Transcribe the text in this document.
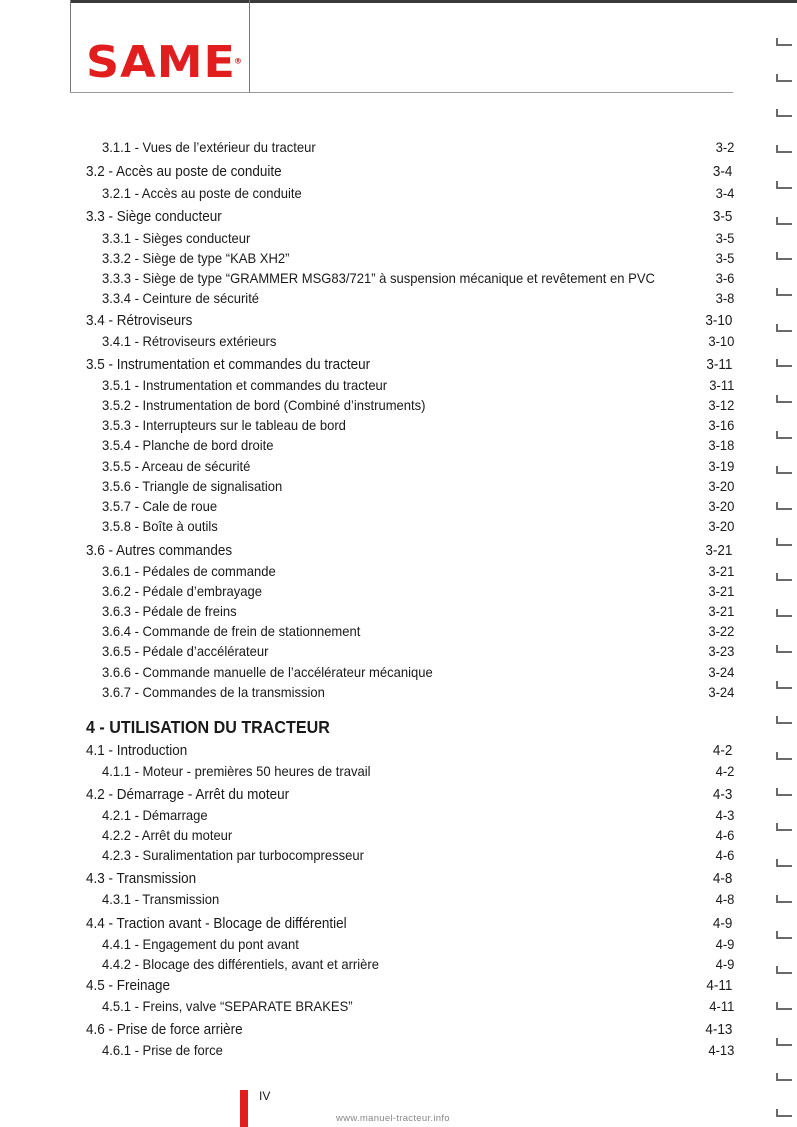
SAME®
3.1.1 - Vues de l’extérieur du tracteur	3-2
3.2 - Accès au poste de conduite	3-4
3.2.1 - Accès au poste de conduite	3-4
3.3 - Siège conducteur	3-5
3.3.1 - Sièges conducteur	3-5
3.3.2 - Siège de type “KAB XH2”	3-5
3.3.3 - Siège de type “GRAMMER MSG83/721” à suspension mécanique et revêtement en PVC	3-6
3.3.4 - Ceinture de sécurité	3-8
3.4 - Rétroviseurs	3-10
3.4.1 - Rétroviseurs extérieurs	3-10
3.5 - Instrumentation et commandes du tracteur	3-11
3.5.1 - Instrumentation et commandes du tracteur	3-11
3.5.2 - Instrumentation de bord (Combiné d’instruments)	3-12
3.5.3 - Interrupteurs sur le tableau de bord	3-16
3.5.4 - Planche de bord droite	3-18
3.5.5 - Arceau de sécurité	3-19
3.5.6 - Triangle de signalisation	3-20
3.5.7 - Cale de roue	3-20
3.5.8 - Boîte à outils	3-20
3.6 - Autres commandes	3-21
3.6.1 - Pédales de commande	3-21
3.6.2 - Pédale d’embrayage	3-21
3.6.3 - Pédale de freins	3-21
3.6.4 - Commande de frein de stationnement	3-22
3.6.5 - Pédale d’accélérateur	3-23
3.6.6 - Commande manuelle de l’accélérateur mécanique	3-24
3.6.7 - Commandes de la transmission	3-24
4 - UTILISATION DU TRACTEUR
4.1 - Introduction	4-2
4.1.1 - Moteur - premières 50 heures de travail	4-2
4.2 - Démarrage - Arrêt du moteur	4-3
4.2.1 - Démarrage	4-3
4.2.2 - Arrêt du moteur	4-6
4.2.3 - Suralimentation par turbocompresseur	4-6
4.3 - Transmission	4-8
4.3.1 - Transmission	4-8
4.4 - Traction avant - Blocage de différentiel	4-9
4.4.1 - Engagement du pont avant	4-9
4.4.2 - Blocage des différentiels, avant et arrière	4-9
4.5 - Freinage	4-11
4.5.1 - Freins, valve “SEPARATE BRAKES”	4-11
4.6 - Prise de force arrière	4-13
4.6.1 - Prise de force	4-13
IV
www.manuel-tracteur.info
